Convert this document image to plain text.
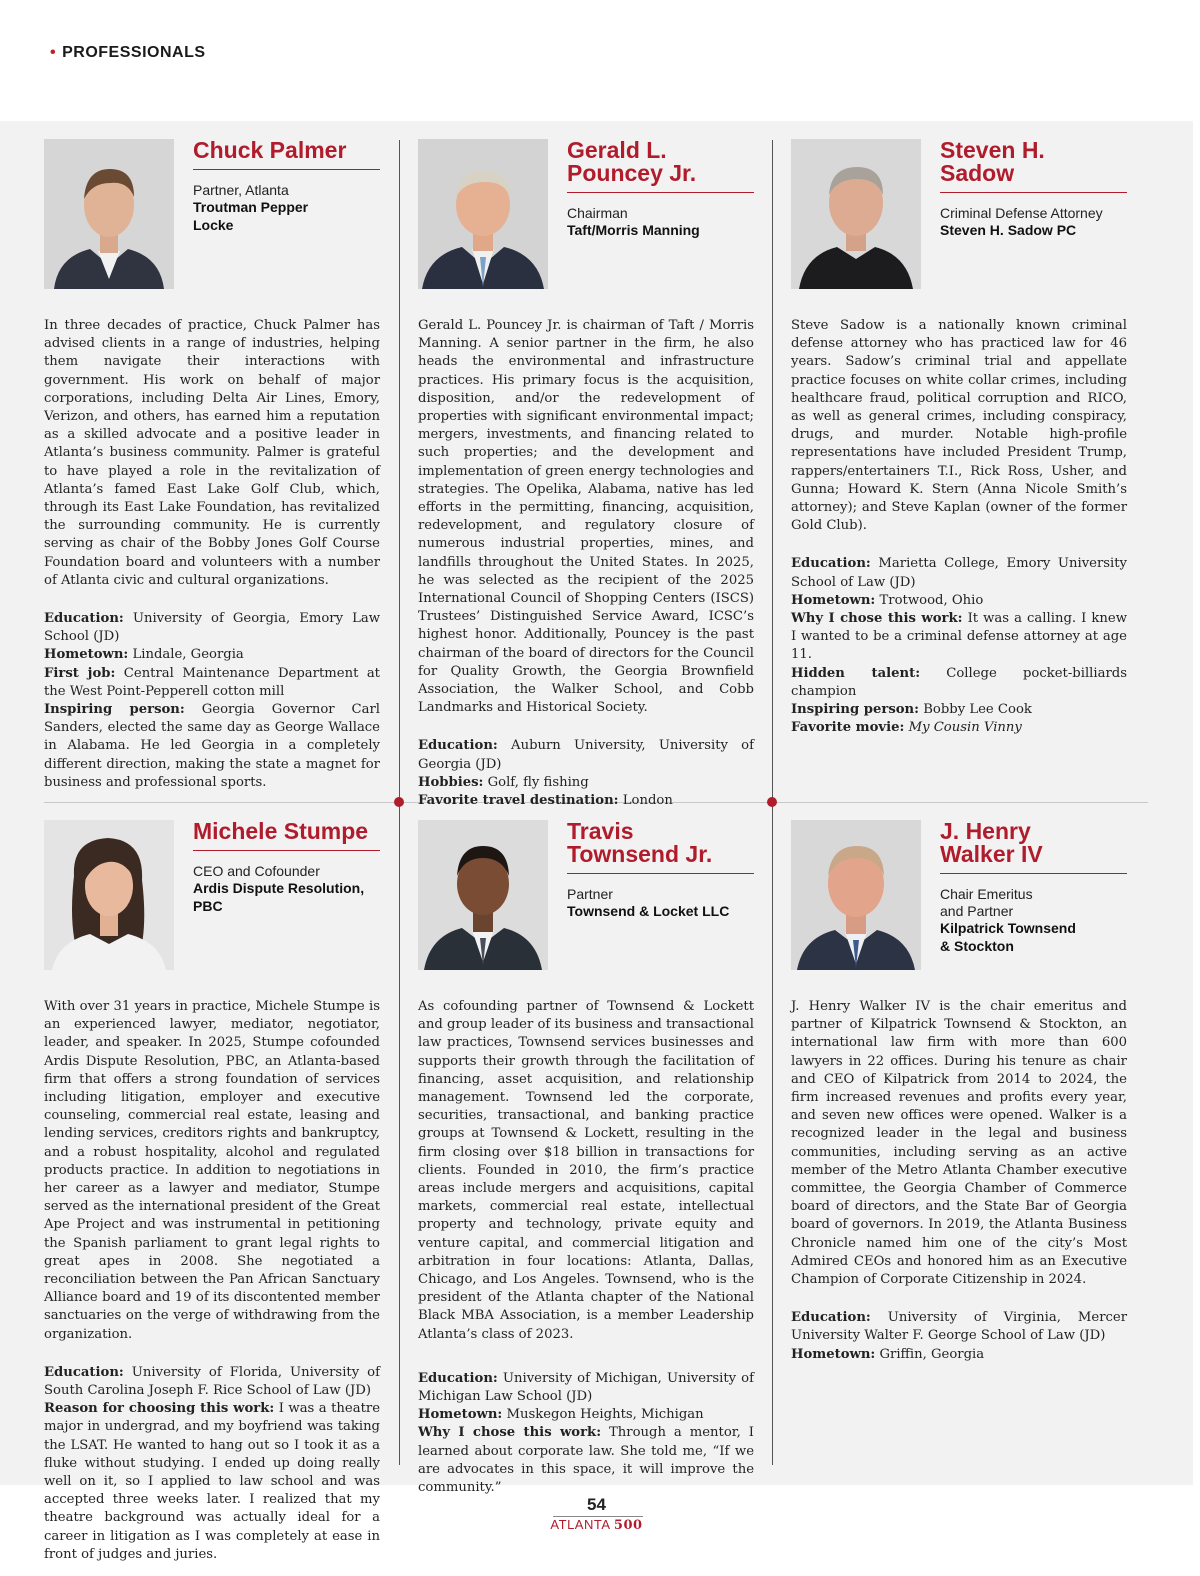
• PROFESSIONALS
Chuck Palmer
Partner, Atlanta
Troutman Pepper
Locke
In three decades of practice, Chuck Palmer has advised clients in a range of industries, helping them navigate their interactions with government. His work on behalf of major corporations, including Delta Air Lines, Emory, Verizon, and others, has earned him a reputation as a skilled advocate and a positive leader in Atlanta’s business community. Palmer is grateful to have played a role in the revitalization of Atlanta’s famed East Lake Golf Club, which, through its East Lake Foundation, has revitalized the surrounding community. He is currently serving as chair of the Bobby Jones Golf Course Foundation board and volunteers with a number of Atlanta civic and cultural organizations.
Education: University of Georgia, Emory Law School (JD)
Hometown: Lindale, Georgia
First job: Central Maintenance Department at the West Point-Pepperell cotton mill
Inspiring person: Georgia Governor Carl Sanders, elected the same day as George Wallace in Alabama. He led Georgia in a completely different direction, making the state a magnet for business and professional sports.
Gerald L.
Pouncey Jr.
Chairman
Taft/Morris Manning
Gerald L. Pouncey Jr. is chairman of Taft / Morris Manning. A senior partner in the firm, he also heads the environmental and infrastructure practices. His primary focus is the acquisition, disposition, and/or the redevelopment of properties with significant environmental impact; mergers, investments, and financing related to such properties; and the development and implementation of green energy technologies and strategies. The Opelika, Alabama, native has led efforts in the permitting, financing, acquisition, redevelopment, and regulatory closure of numerous industrial properties, mines, and landfills throughout the United States. In 2025, he was selected as the recipient of the 2025 International Council of Shopping Centers (ISCS) Trustees’ Distinguished Service Award, ICSC’s highest honor. Additionally, Pouncey is the past chairman of the board of directors for the Council for Quality Growth, the Georgia Brownfield Association, the Walker School, and Cobb Landmarks and Historical Society.
Education: Auburn University, University of Georgia (JD)
Hobbies: Golf, fly fishing
Favorite travel destination: London
Steven H.
Sadow
Criminal Defense Attorney
Steven H. Sadow PC
Steve Sadow is a nationally known criminal defense attorney who has practiced law for 46 years. Sadow’s criminal trial and appellate practice focuses on white collar crimes, including healthcare fraud, political corruption and RICO, as well as general crimes, including conspiracy, drugs, and murder. Notable high-profile representations have included President Trump, rappers/entertainers T.I., Rick Ross, Usher, and Gunna; Howard K. Stern (Anna Nicole Smith’s attorney); and Steve Kaplan (owner of the former Gold Club).
Education: Marietta College, Emory University School of Law (JD)
Hometown: Trotwood, Ohio
Why I chose this work: It was a calling. I knew I wanted to be a criminal defense attorney at age 11.
Hidden talent: College pocket-billiards champion
Inspiring person: Bobby Lee Cook
Favorite movie: My Cousin Vinny
Michele Stumpe
CEO and Cofounder
Ardis Dispute Resolution,
PBC
With over 31 years in practice, Michele Stumpe is an experienced lawyer, mediator, negotiator, leader, and speaker. In 2025, Stumpe cofounded Ardis Dispute Resolution, PBC, an Atlanta-based firm that offers a strong foundation of services including litigation, employer and executive counseling, commercial real estate, leasing and lending services, creditors rights and bankruptcy, and a robust hospitality, alcohol and regulated products practice. In addition to negotiations in her career as a lawyer and mediator, Stumpe served as the international president of the Great Ape Project and was instrumental in petitioning the Spanish parliament to grant legal rights to great apes in 2008. She negotiated a reconciliation between the Pan African Sanctuary Alliance board and 19 of its discontented member sanctuaries on the verge of withdrawing from the organization.
Education: University of Florida, University of South Carolina Joseph F. Rice School of Law (JD)
Reason for choosing this work: I was a theatre major in undergrad, and my boyfriend was taking the LSAT. He wanted to hang out so I took it as a fluke without studying. I ended up doing really well on it, so I applied to law school and was accepted three weeks later. I realized that my theatre background was actually ideal for a career in litigation as I was completely at ease in front of judges and juries.
Travis
Townsend Jr.
Partner
Townsend & Locket LLC
As cofounding partner of Townsend & Lockett and group leader of its business and transactional law practices, Townsend services businesses and supports their growth through the facilitation of financing, asset acquisition, and relationship management. Townsend led the corporate, securities, transactional, and banking practice groups at Townsend & Lockett, resulting in the firm closing over $18 billion in transactions for clients. Founded in 2010, the firm’s practice areas include mergers and acquisitions, capital markets, commercial real estate, intellectual property and technology, private equity and venture capital, and commercial litigation and arbitration in four locations: Atlanta, Dallas, Chicago, and Los Angeles. Townsend, who is the president of the Atlanta chapter of the National Black MBA Association, is a member Leadership Atlanta’s class of 2023.
Education: University of Michigan, University of Michigan Law School (JD)
Hometown: Muskegon Heights, Michigan
Why I chose this work: Through a mentor, I learned about corporate law. She told me, “If we are advocates in this space, it will improve the community.”
J. Henry
Walker IV
Chair Emeritus
and Partner
Kilpatrick Townsend
& Stockton
J. Henry Walker IV is the chair emeritus and partner of Kilpatrick Townsend & Stockton, an international law firm with more than 600 lawyers in 22 offices. During his tenure as chair and CEO of Kilpatrick from 2014 to 2024, the firm increased revenues and profits every year, and seven new offices were opened. Walker is a recognized leader in the legal and business communities, including serving as an active member of the Metro Atlanta Chamber executive committee, the Georgia Chamber of Commerce board of directors, and the State Bar of Georgia board of governors. In 2019, the Atlanta Business Chronicle named him one of the city’s Most Admired CEOs and honored him as an Executive Champion of Corporate Citizenship in 2024.
Education: University of Virginia, Mercer University Walter F. George School of Law (JD)
Hometown: Griffin, Georgia
54
ATLANTA 500
